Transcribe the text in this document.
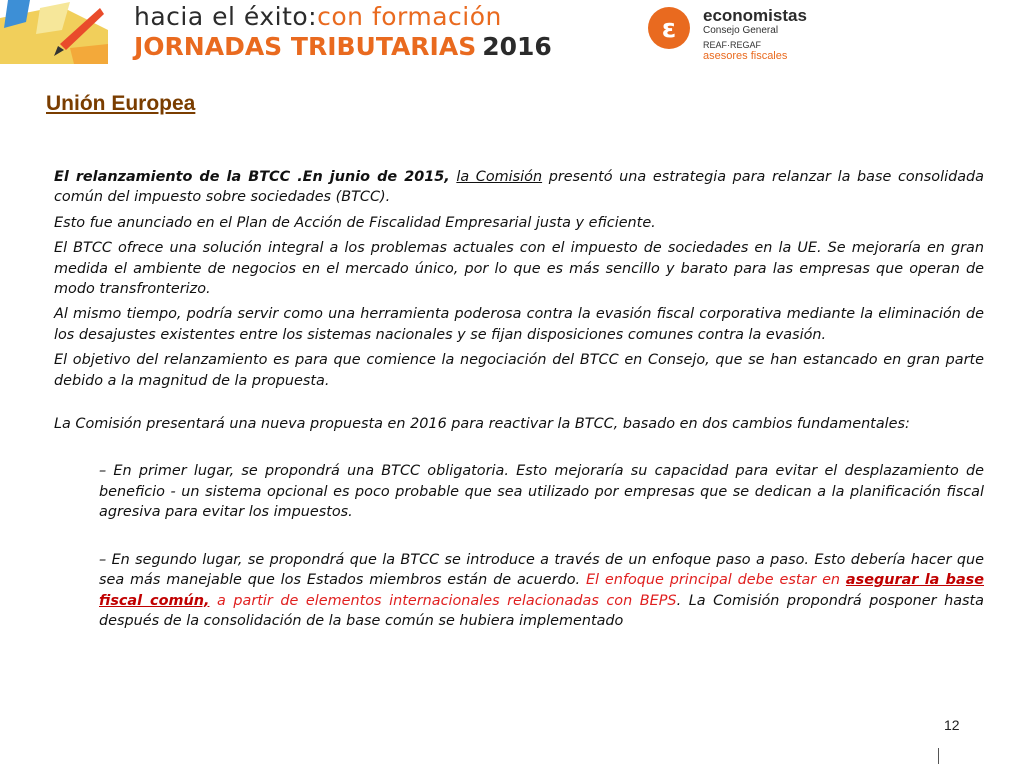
hacia el éxito:con formación
JORNADAS TRIBUTARIAS 2016
ε economistas
Consejo General
REAF·REGAF
asesores fiscales
Unión Europea

El relanzamiento de la BTCC .En junio de 2015, la Comisión presentó una estrategia para relanzar la base consolidada común del impuesto sobre sociedades (BTCC).

Esto fue anunciado en el Plan de Acción de Fiscalidad Empresarial justa y eficiente.

El BTCC ofrece una solución integral a los problemas actuales con el impuesto de sociedades en la UE. Se mejoraría en gran medida el ambiente de negocios en el mercado único, por lo que es más sencillo y barato para las empresas que operan de modo transfronterizo.

Al mismo tiempo, podría servir como una herramienta poderosa contra la evasión fiscal corporativa mediante la eliminación de los desajustes existentes entre los sistemas nacionales y se fijan disposiciones comunes contra la evasión.

El objetivo del relanzamiento es para que comience la negociación del BTCC en Consejo, que se han estancado en gran parte debido a la magnitud de la propuesta.

La Comisión presentará una nueva propuesta en 2016 para reactivar la BTCC, basado en dos cambios fundamentales:

– En primer lugar, se propondrá una BTCC obligatoria. Esto mejoraría su capacidad para evitar el desplazamiento de beneficio - un sistema opcional es poco probable que sea utilizado por empresas que se dedican a la planificación fiscal agresiva para evitar los impuestos.

– En segundo lugar, se propondrá que la BTCC se introduce a través de un enfoque paso a paso. Esto debería hacer que sea más manejable que los Estados miembros están de acuerdo. El enfoque principal debe estar en asegurar la base fiscal común, a partir de elementos internacionales relacionadas con BEPS. La Comisión propondrá posponer hasta después de la consolidación de la base común se hubiera implementado

12
